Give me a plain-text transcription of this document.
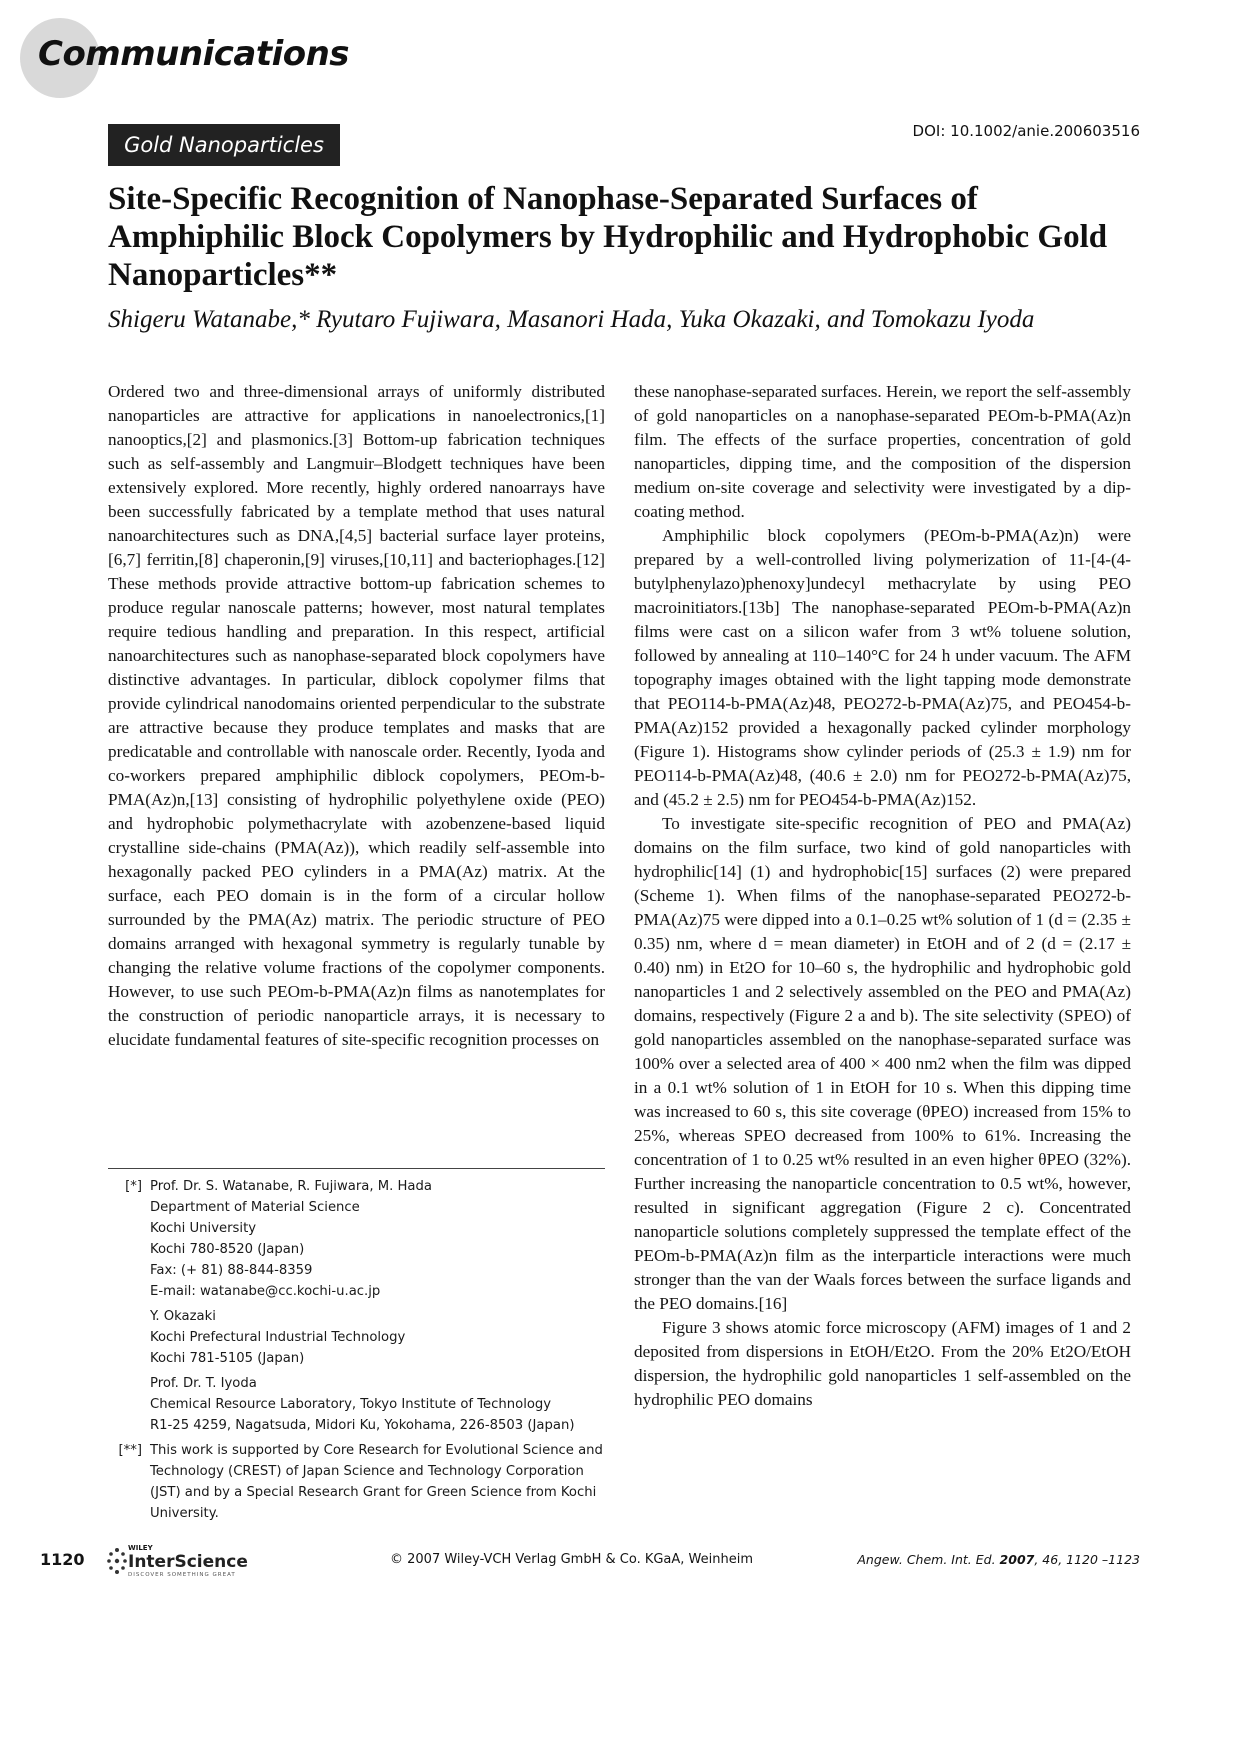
Communications
Gold Nanoparticles
DOI: 10.1002/anie.200603516
Site-Specific Recognition of Nanophase-Separated Surfaces of Amphiphilic Block Copolymers by Hydrophilic and Hydrophobic Gold Nanoparticles**
Shigeru Watanabe,* Ryutaro Fujiwara, Masanori Hada, Yuka Okazaki, and Tomokazu Iyoda

Ordered two and three-dimensional arrays of uniformly distributed nanoparticles are attractive for applications in nanoelectronics,[1] nanooptics,[2] and plasmonics.[3] Bottom-up fabrication techniques such as self-assembly and Langmuir–Blodgett techniques have been extensively explored. More recently, highly ordered nanoarrays have been successfully fabricated by a template method that uses natural nanoarchitectures such as DNA,[4,5] bacterial surface layer proteins,[6,7] ferritin,[8] chaperonin,[9] viruses,[10,11] and bacteriophages.[12] These methods provide attractive bottom-up fabrication schemes to produce regular nanoscale patterns; however, most natural templates require tedious handling and preparation. In this respect, artificial nanoarchitectures such as nanophase-separated block copolymers have distinctive advantages. In particular, diblock copolymer films that provide cylindrical nanodomains oriented perpendicular to the substrate are attractive because they produce templates and masks that are predicatable and controllable with nanoscale order. Recently, Iyoda and co-workers prepared amphiphilic diblock copolymers, PEOm-b-PMA(Az)n,[13] consisting of hydrophilic polyethylene oxide (PEO) and hydrophobic polymethacrylate with azobenzene-based liquid crystalline side-chains (PMA(Az)), which readily self-assemble into hexagonally packed PEO cylinders in a PMA(Az) matrix. At the surface, each PEO domain is in the form of a circular hollow surrounded by the PMA(Az) matrix. The periodic structure of PEO domains arranged with hexagonal symmetry is regularly tunable by changing the relative volume fractions of the copolymer components. However, to use such PEOm-b-PMA(Az)n films as nanotemplates for the construction of periodic nanoparticle arrays, it is necessary to elucidate fundamental features of site-specific recognition processes on

these nanophase-separated surfaces. Herein, we report the self-assembly of gold nanoparticles on a nanophase-separated PEOm-b-PMA(Az)n film. The effects of the surface properties, concentration of gold nanoparticles, dipping time, and the composition of the dispersion medium on-site coverage and selectivity were investigated by a dip-coating method.

Amphiphilic block copolymers (PEOm-b-PMA(Az)n) were prepared by a well-controlled living polymerization of 11-[4-(4-butylphenylazo)phenoxy]undecyl methacrylate by using PEO macroinitiators.[13b] The nanophase-separated PEOm-b-PMA(Az)n films were cast on a silicon wafer from 3 wt% toluene solution, followed by annealing at 110–140°C for 24 h under vacuum. The AFM topography images obtained with the light tapping mode demonstrate that PEO114-b-PMA(Az)48, PEO272-b-PMA(Az)75, and PEO454-b-PMA(Az)152 provided a hexagonally packed cylinder morphology (Figure 1). Histograms show cylinder periods of (25.3 ± 1.9) nm for PEO114-b-PMA(Az)48, (40.6 ± 2.0) nm for PEO272-b-PMA(Az)75, and (45.2 ± 2.5) nm for PEO454-b-PMA(Az)152.

To investigate site-specific recognition of PEO and PMA(Az) domains on the film surface, two kind of gold nanoparticles with hydrophilic[14] (1) and hydrophobic[15] surfaces (2) were prepared (Scheme 1). When films of the nanophase-separated PEO272-b-PMA(Az)75 were dipped into a 0.1–0.25 wt% solution of 1 (d = (2.35 ± 0.35) nm, where d = mean diameter) in EtOH and of 2 (d = (2.17 ± 0.40) nm) in Et2O for 10–60 s, the hydrophilic and hydrophobic gold nanoparticles 1 and 2 selectively assembled on the PEO and PMA(Az) domains, respectively (Figure 2 a and b). The site selectivity (SPEO) of gold nanoparticles assembled on the nanophase-separated surface was 100% over a selected area of 400 × 400 nm2 when the film was dipped in a 0.1 wt% solution of 1 in EtOH for 10 s. When this dipping time was increased to 60 s, this site coverage (θPEO) increased from 15% to 25%, whereas SPEO decreased from 100% to 61%. Increasing the concentration of 1 to 0.25 wt% resulted in an even higher θPEO (32%). Further increasing the nanoparticle concentration to 0.5 wt%, however, resulted in significant aggregation (Figure 2 c). Concentrated nanoparticle solutions completely suppressed the template effect of the PEOm-b-PMA(Az)n film as the interparticle interactions were much stronger than the van der Waals forces between the surface ligands and the PEO domains.[16]

Figure 3 shows atomic force microscopy (AFM) images of 1 and 2 deposited from dispersions in EtOH/Et2O. From the 20% Et2O/EtOH dispersion, the hydrophilic gold nanoparticles 1 self-assembled on the hydrophilic PEO domains

[*] Prof. Dr. S. Watanabe, R. Fujiwara, M. Hada
Department of Material Science
Kochi University
Kochi 780-8520 (Japan)
Fax: (+ 81) 88-844-8359
E-mail: watanabe@cc.kochi-u.ac.jp
Y. Okazaki
Kochi Prefectural Industrial Technology
Kochi 781-5105 (Japan)
Prof. Dr. T. Iyoda
Chemical Resource Laboratory, Tokyo Institute of Technology
R1-25 4259, Nagatsuda, Midori Ku, Yokohama, 226-8503 (Japan)
[**] This work is supported by Core Research for Evolutional Science and Technology (CREST) of Japan Science and Technology Corporation (JST) and by a Special Research Grant for Green Science from Kochi University.
1120
WILEY
InterScience
DISCOVER SOMETHING GREAT
© 2007 Wiley-VCH Verlag GmbH & Co. KGaA, Weinheim	Angew. Chem. Int. Ed. 2007, 46, 1120 –1123
